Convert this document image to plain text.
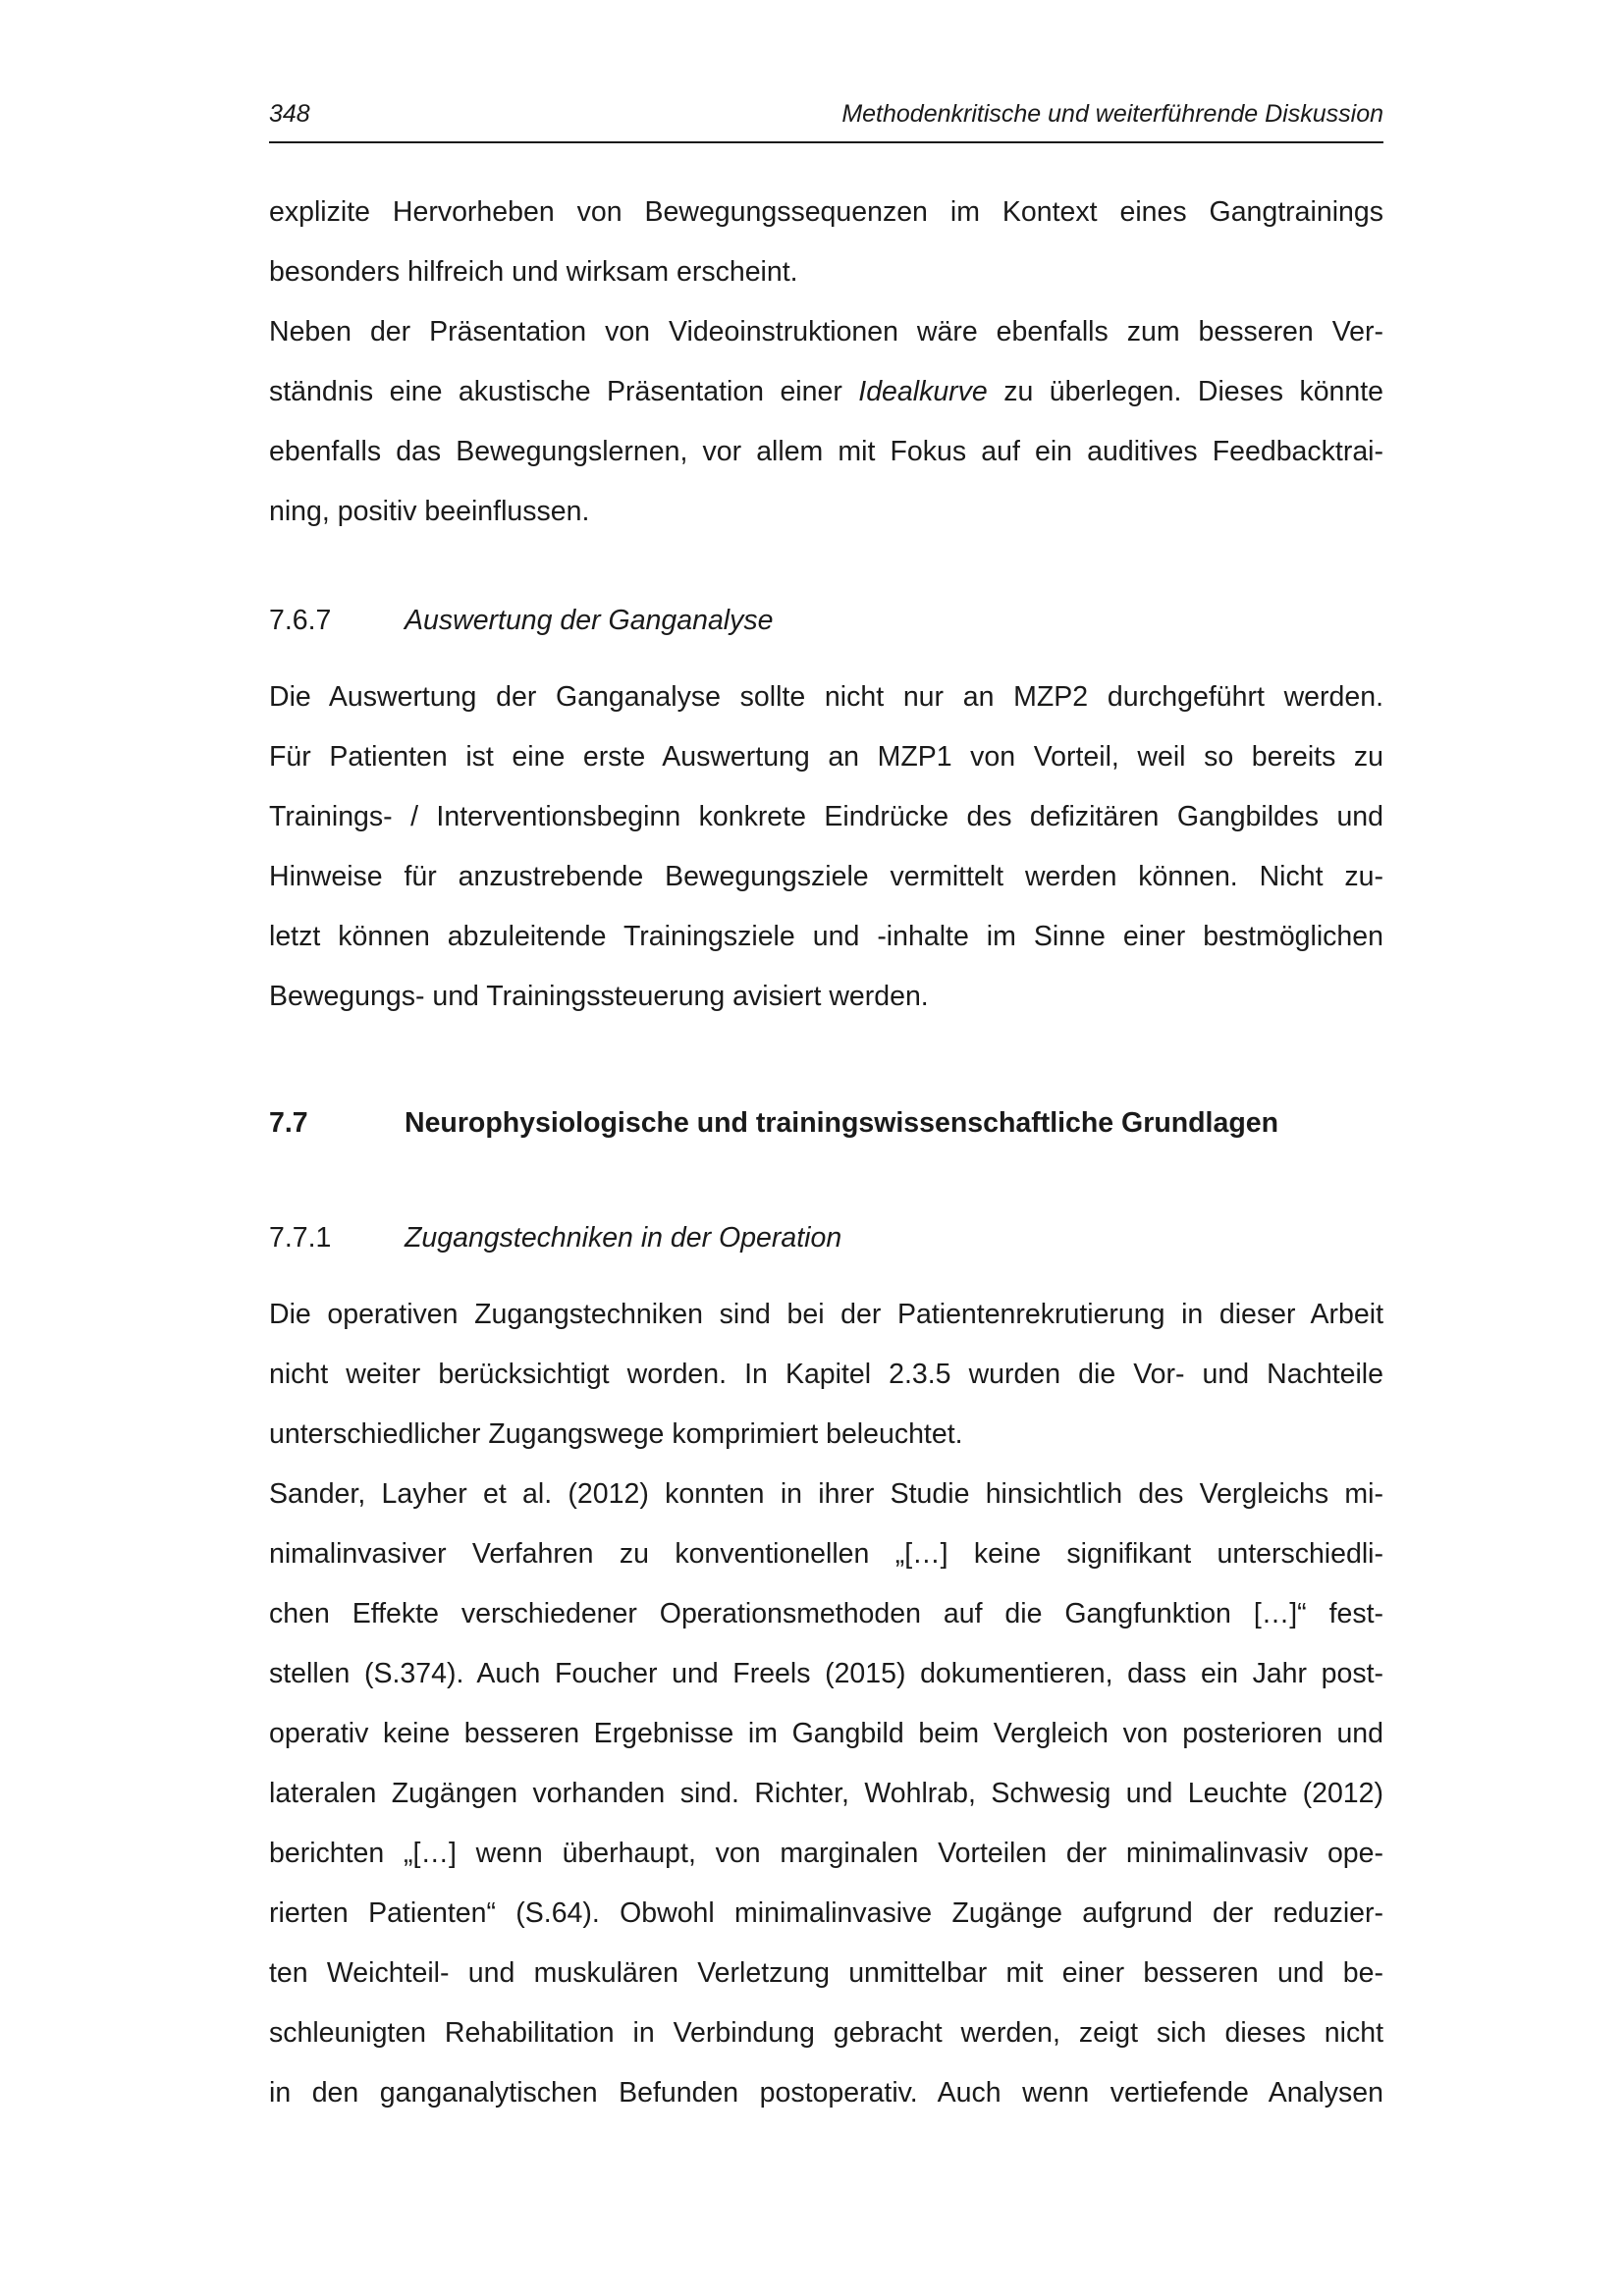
348	Methodenkritische und weiterführende Diskussion

explizite Hervorheben von Bewegungssequenzen im Kontext eines Gangtrainings
besonders hilfreich und wirksam erscheint.

Neben der Präsentation von Videoinstruktionen wäre ebenfalls zum besseren Ver-
ständnis eine akustische Präsentation einer Idealkurve zu überlegen. Dieses könnte
ebenfalls das Bewegungslernen, vor allem mit Fokus auf ein auditives Feedbacktrai-
ning, positiv beeinflussen.

7.6.7	Auswertung der Ganganalyse

Die Auswertung der Ganganalyse sollte nicht nur an MZP2 durchgeführt werden.
Für Patienten ist eine erste Auswertung an MZP1 von Vorteil, weil so bereits zu
Trainings- / Interventionsbeginn konkrete Eindrücke des defizitären Gangbildes und
Hinweise für anzustrebende Bewegungsziele vermittelt werden können. Nicht zu-
letzt können abzuleitende Trainingsziele und -inhalte im Sinne einer bestmöglichen
Bewegungs- und Trainingssteuerung avisiert werden.

7.7	Neurophysiologische und trainingswissenschaftliche Grundlagen
7.7.1	Zugangstechniken in der Operation

Die operativen Zugangstechniken sind bei der Patientenrekrutierung in dieser Arbeit
nicht weiter berücksichtigt worden. In Kapitel 2.3.5 wurden die Vor- und Nachteile
unterschiedlicher Zugangswege komprimiert beleuchtet.

Sander, Layher et al. (2012) konnten in ihrer Studie hinsichtlich des Vergleichs mi-
nimalinvasiver Verfahren zu konventionellen „[…] keine signifikant unterschiedli-
chen Effekte verschiedener Operationsmethoden auf die Gangfunktion […]“ fest-
stellen (S.374). Auch Foucher und Freels (2015) dokumentieren, dass ein Jahr post-
operativ keine besseren Ergebnisse im Gangbild beim Vergleich von posterioren und
lateralen Zugängen vorhanden sind. Richter, Wohlrab, Schwesig und Leuchte (2012)
berichten „[…] wenn überhaupt, von marginalen Vorteilen der minimalinvasiv ope-
rierten Patienten“ (S.64). Obwohl minimalinvasive Zugänge aufgrund der reduzier-
ten Weichteil- und muskulären Verletzung unmittelbar mit einer besseren und be-
schleunigten Rehabilitation in Verbindung gebracht werden, zeigt sich dieses nicht
in den ganganalytischen Befunden postoperativ. Auch wenn vertiefende Analysen
